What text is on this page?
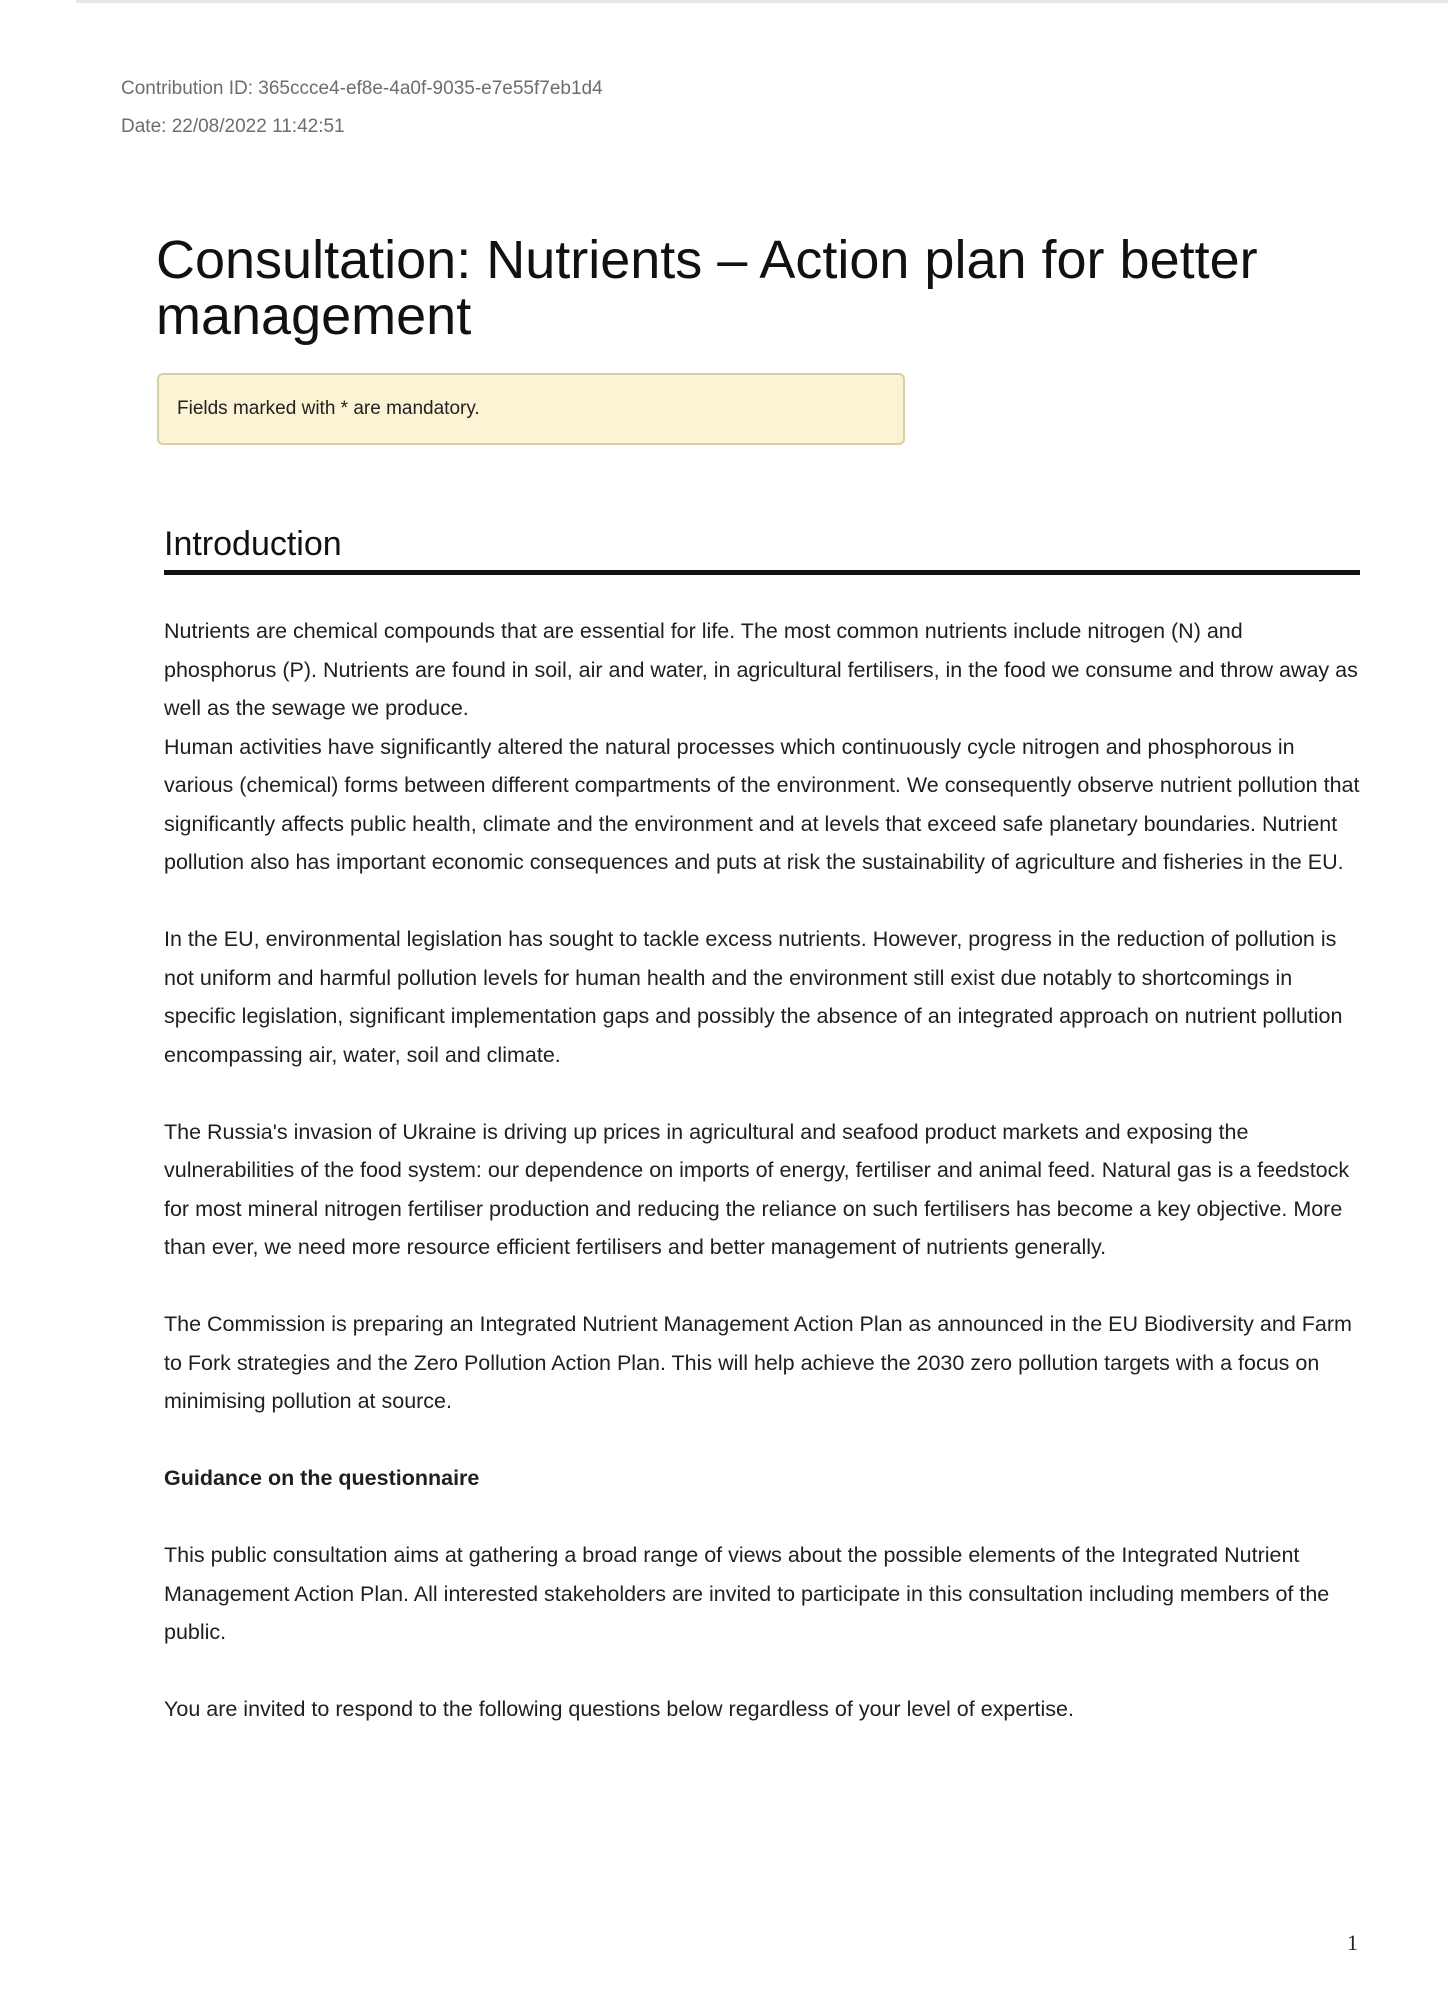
Contribution ID: 365ccce4-ef8e-4a0f-9035-e7e55f7eb1d4
Date: 22/08/2022 11:42:51
Consultation: Nutrients – Action plan for better management
Fields marked with * are mandatory.
Introduction

Nutrients are chemical compounds that are essential for life. The most common nutrients include nitrogen (N) and phosphorus (P). Nutrients are found in soil, air and water, in agricultural fertilisers, in the food we consume and throw away as well as the sewage we produce.

Human activities have significantly altered the natural processes which continuously cycle nitrogen and phosphorous in various (chemical) forms between different compartments of the environment. We consequently observe nutrient pollution that significantly affects public health, climate and the environment and at levels that exceed safe planetary boundaries. Nutrient pollution also has important economic consequences and puts at risk the sustainability of agriculture and fisheries in the EU.

In the EU, environmental legislation has sought to tackle excess nutrients. However, progress in the reduction of pollution is not uniform and harmful pollution levels for human health and the environment still exist due notably to shortcomings in specific legislation, significant implementation gaps and possibly the absence of an integrated approach on nutrient pollution encompassing air, water, soil and climate.

The Russia's invasion of Ukraine is driving up prices in agricultural and seafood product markets and exposing the vulnerabilities of the food system: our dependence on imports of energy, fertiliser and animal feed. Natural gas is a feedstock for most mineral nitrogen fertiliser production and reducing the reliance on such fertilisers has become a key objective. More than ever, we need more resource efficient fertilisers and better management of nutrients generally.

The Commission is preparing an Integrated Nutrient Management Action Plan as announced in the EU Biodiversity and Farm to Fork strategies and the Zero Pollution Action Plan. This will help achieve the 2030 zero pollution targets with a focus on minimising pollution at source.

Guidance on the questionnaire

This public consultation aims at gathering a broad range of views about the possible elements of the Integrated Nutrient Management Action Plan. All interested stakeholders are invited to participate in this consultation including members of the public.

You are invited to respond to the following questions below regardless of your level of expertise.

1
